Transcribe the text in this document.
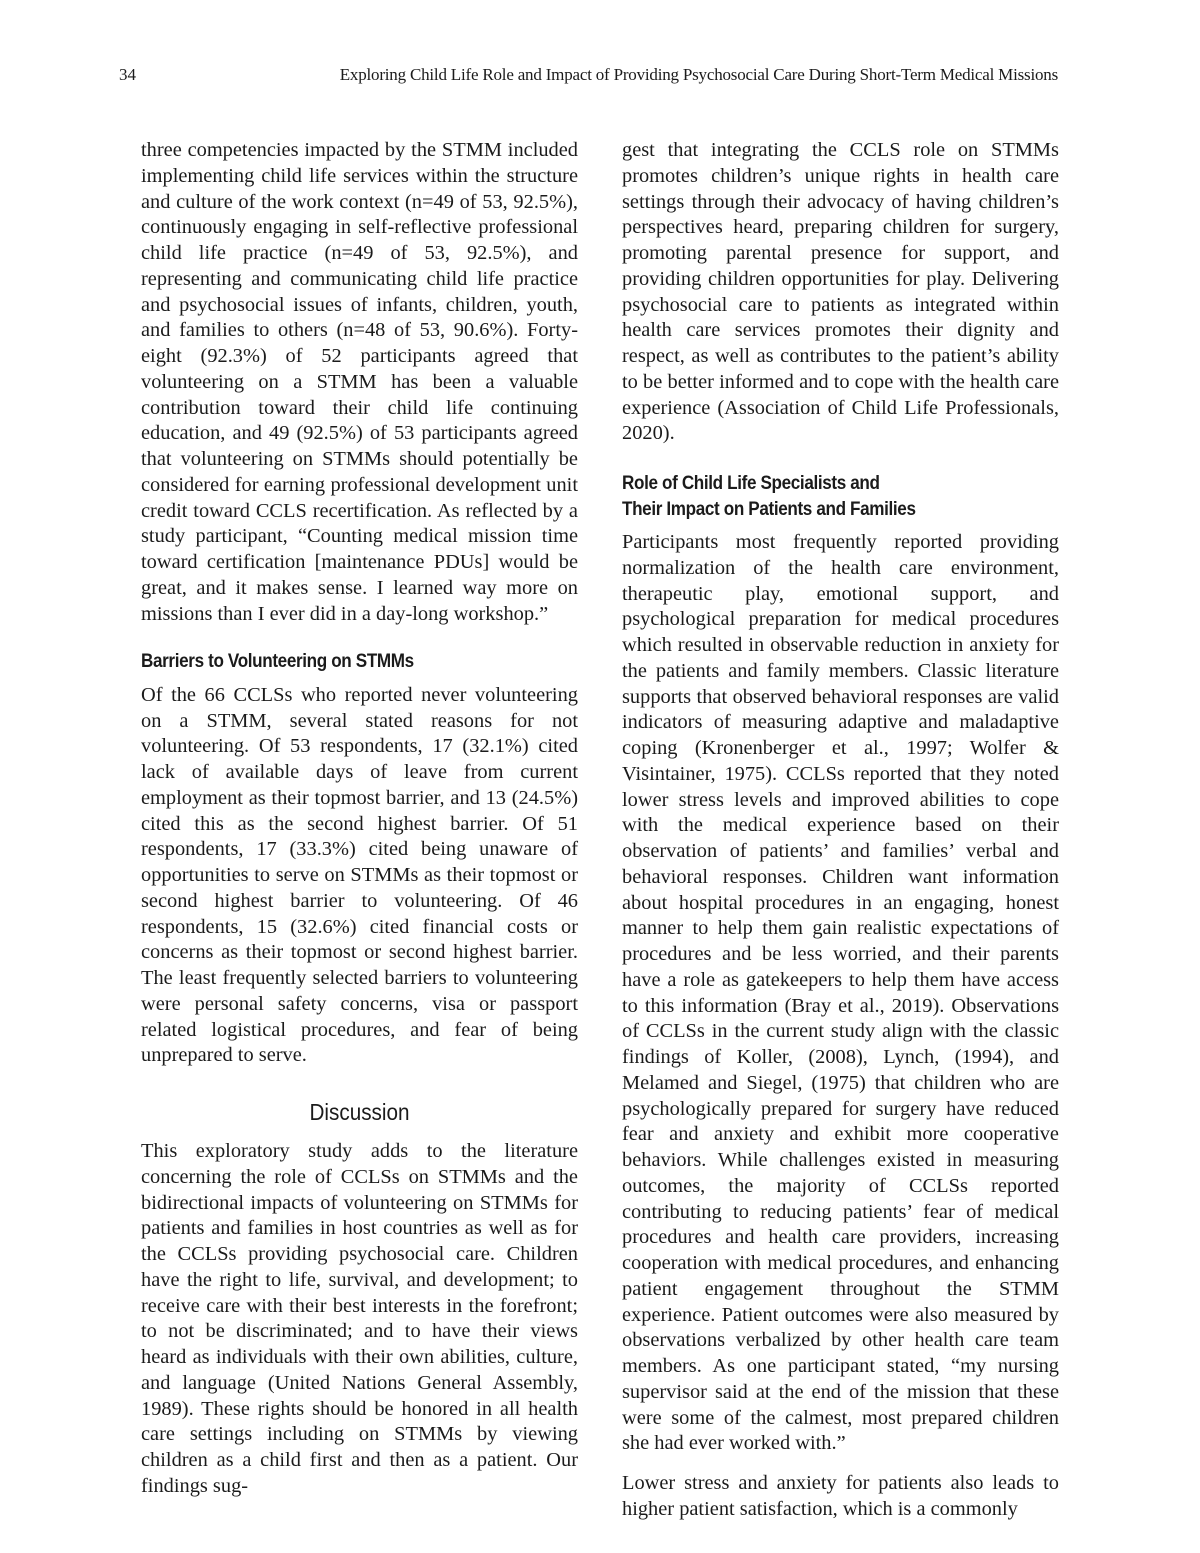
34	Exploring Child Life Role and Impact of Providing Psychosocial Care During Short-Term Medical Missions

three competencies impacted by the STMM included implementing child life services within the structure and culture of the work context (n=49 of 53, 92.5%), continuously engaging in self-reflective professional child life practice (n=49 of 53, 92.5%), and representing and communicating child life practice and psychosocial issues of infants, children, youth, and families to others (n=48 of 53, 90.6%). Forty-eight (92.3%) of 52 participants agreed that volunteering on a STMM has been a valuable contribution toward their child life continuing education, and 49 (92.5%) of 53 participants agreed that volunteering on STMMs should potentially be considered for earning professional development unit credit toward CCLS recertification. As reflected by a study participant, “Counting medical mission time toward certification [maintenance PDUs] would be great, and it makes sense. I learned way more on missions than I ever did in a day-long workshop.”

Barriers to Volunteering on STMMs

Of the 66 CCLSs who reported never volunteering on a STMM, several stated reasons for not volunteering. Of 53 respondents, 17 (32.1%) cited lack of available days of leave from current employment as their topmost barrier, and 13 (24.5%) cited this as the second highest barrier. Of 51 respondents, 17 (33.3%) cited being unaware of opportunities to serve on STMMs as their topmost or second highest barrier to volunteering. Of 46 respondents, 15 (32.6%) cited financial costs or concerns as their topmost or second highest barrier. The least frequently selected barriers to volunteering were personal safety concerns, visa or passport related logistical procedures, and fear of being unprepared to serve.

Discussion

This exploratory study adds to the literature concerning the role of CCLSs on STMMs and the bidirectional impacts of volunteering on STMMs for patients and families in host countries as well as for the CCLSs providing psychosocial care. Children have the right to life, survival, and development; to receive care with their best interests in the forefront; to not be discriminated; and to have their views heard as individuals with their own abilities, culture, and language (United Nations General Assembly, 1989). These rights should be honored in all health care settings including on STMMs by viewing children as a child first and then as a patient. Our findings sug-

gest that integrating the CCLS role on STMMs promotes children’s unique rights in health care settings through their advocacy of having children’s perspectives heard, preparing children for surgery, promoting parental presence for support, and providing children opportunities for play. Delivering psychosocial care to patients as integrated within health care services promotes their dignity and respect, as well as contributes to the patient’s ability to be better informed and to cope with the health care experience (Association of Child Life Professionals, 2020).

Role of Child Life Specialists and
Their Impact on Patients and Families

Participants most frequently reported providing normalization of the health care environment, therapeutic play, emotional support, and psychological preparation for medical procedures which resulted in observable reduction in anxiety for the patients and family members. Classic literature supports that observed behavioral responses are valid indicators of measuring adaptive and maladaptive coping (Kronenberger et al., 1997; Wolfer & Visintainer, 1975). CCLSs reported that they noted lower stress levels and improved abilities to cope with the medical experience based on their observation of patients’ and families’ verbal and behavioral responses. Children want information about hospital procedures in an engaging, honest manner to help them gain realistic expectations of procedures and be less worried, and their parents have a role as gatekeepers to help them have access to this information (Bray et al., 2019). Observations of CCLSs in the current study align with the classic findings of Koller, (2008), Lynch, (1994), and Melamed and Siegel, (1975) that children who are psychologically prepared for surgery have reduced fear and anxiety and exhibit more cooperative behaviors. While challenges existed in measuring outcomes, the majority of CCLSs reported contributing to reducing patients’ fear of medical procedures and health care providers, increasing cooperation with medical procedures, and enhancing patient engagement throughout the STMM experience. Patient outcomes were also measured by observations verbalized by other health care team members. As one participant stated, “my nursing supervisor said at the end of the mission that these were some of the calmest, most prepared children she had ever worked with.”

Lower stress and anxiety for patients also leads to higher patient satisfaction, which is a commonly
